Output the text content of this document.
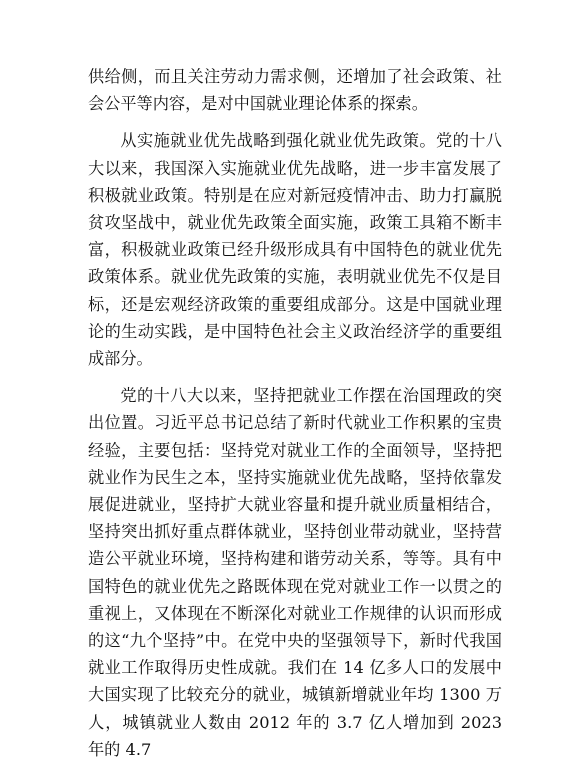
供给侧，而且关注劳动力需求侧，还增加了社会政策、社会公平等内容，是对中国就业理论体系的探索。

从实施就业优先战略到强化就业优先政策。党的十八大以来，我国深入实施就业优先战略，进一步丰富发展了积极就业政策。特别是在应对新冠疫情冲击、助力打赢脱贫攻坚战中，就业优先政策全面实施，政策工具箱不断丰富，积极就业政策已经升级形成具有中国特色的就业优先政策体系。就业优先政策的实施，表明就业优先不仅是目标，还是宏观经济政策的重要组成部分。这是中国就业理论的生动实践，是中国特色社会主义政治经济学的重要组成部分。

党的十八大以来，坚持把就业工作摆在治国理政的突出位置。习近平总书记总结了新时代就业工作积累的宝贵经验，主要包括：坚持党对就业工作的全面领导，坚持把就业作为民生之本，坚持实施就业优先战略，坚持依靠发展促进就业，坚持扩大就业容量和提升就业质量相结合，坚持突出抓好重点群体就业，坚持创业带动就业，坚持营造公平就业环境，坚持构建和谐劳动关系，等等。具有中国特色的就业优先之路既体现在党对就业工作一以贯之的重视上，又体现在不断深化对就业工作规律的认识而形成的这“九个坚持”中。在党中央的坚强领导下，新时代我国就业工作取得历史性成就。我们在 14 亿多人口的发展中大国实现了比较充分的就业，城镇新增就业年均 1300 万人，城镇就业人数由 2012 年的 3.7 亿人增加到 2023 年的 4.7
